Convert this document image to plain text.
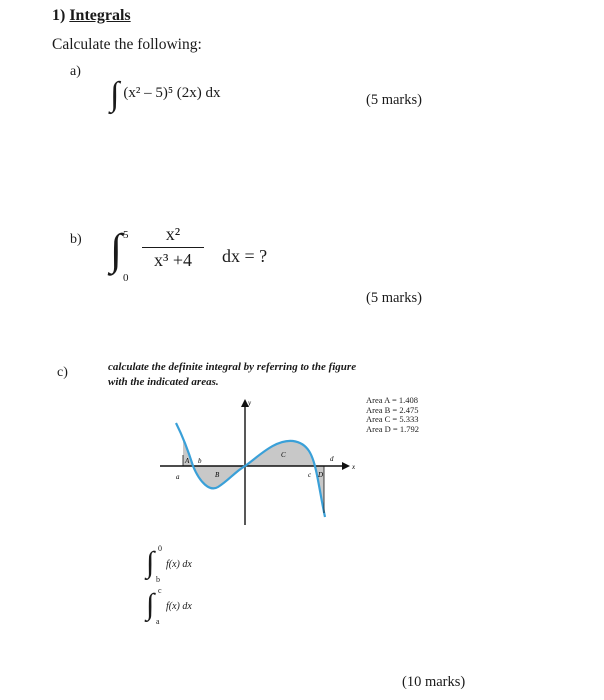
1) Integrals
Calculate the following:
a)
∫ (x² – 5)⁵ (2x) dx	(5 marks)
b) ∫ 5
0
x²
x³ +4	dx = ?
(5 marks)
c)	calculate the definite integral by referring to the figure with the indicated areas.
Area A = 1.408
Area B = 2.475
Area C = 5.333
Area D = 1.792
y
x
a
A b
B
C
c D
d
∫ 0
b
f(x) dx
∫ c
a
f(x) dx
(10 marks)
